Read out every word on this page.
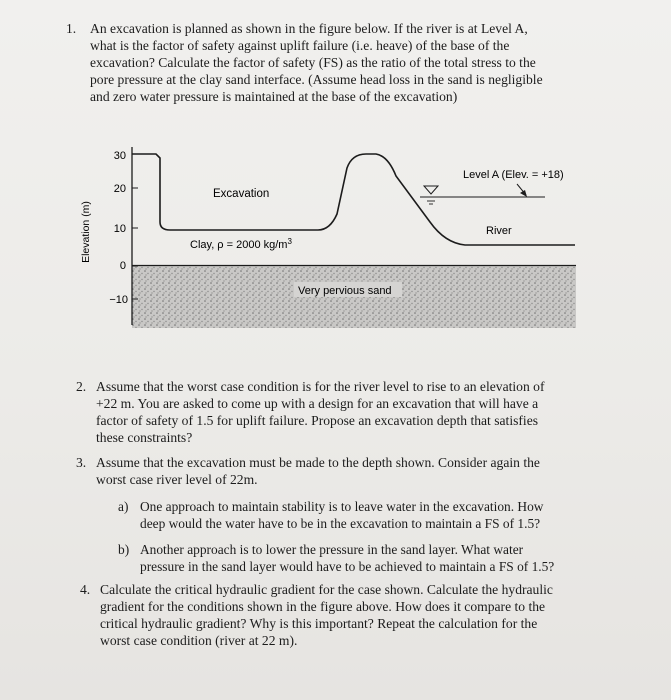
1. An excavation is planned as shown in the figure below. If the river is at Level A,
what is the factor of safety against uplift failure (i.e. heave) of the base of the
excavation? Calculate the factor of safety (FS) as the ratio of the total stress to the
pore pressure at the clay sand interface. (Assume head loss in the sand is negligible
and zero water pressure is maintained at the base of the excavation)
30
20
10
0
−10
Elevation (m)
Excavation
Clay, ρ = 2000 $kg/m^3$
Very pervious sand
Level A (Elev. = +18)
River
2. Assume that the worst case condition is for the river level to rise to an elevation of
+22 m. You are asked to come up with a design for an excavation that will have a
factor of safety of 1.5 for uplift failure. Propose an excavation depth that satisfies
these constraints?
3. Assume that the excavation must be made to the depth shown. Consider again the
worst case river level of 22m.
a) One approach to maintain stability is to leave water in the excavation. How
deep would the water have to be in the excavation to maintain a FS of 1.5?
b) Another approach is to lower the pressure in the sand layer. What water
pressure in the sand layer would have to be achieved to maintain a FS of 1.5?
4. Calculate the critical hydraulic gradient for the case shown. Calculate the hydraulic
gradient for the conditions shown in the figure above. How does it compare to the
critical hydraulic gradient? Why is this important? Repeat the calculation for the
worst case condition (river at 22 m).
